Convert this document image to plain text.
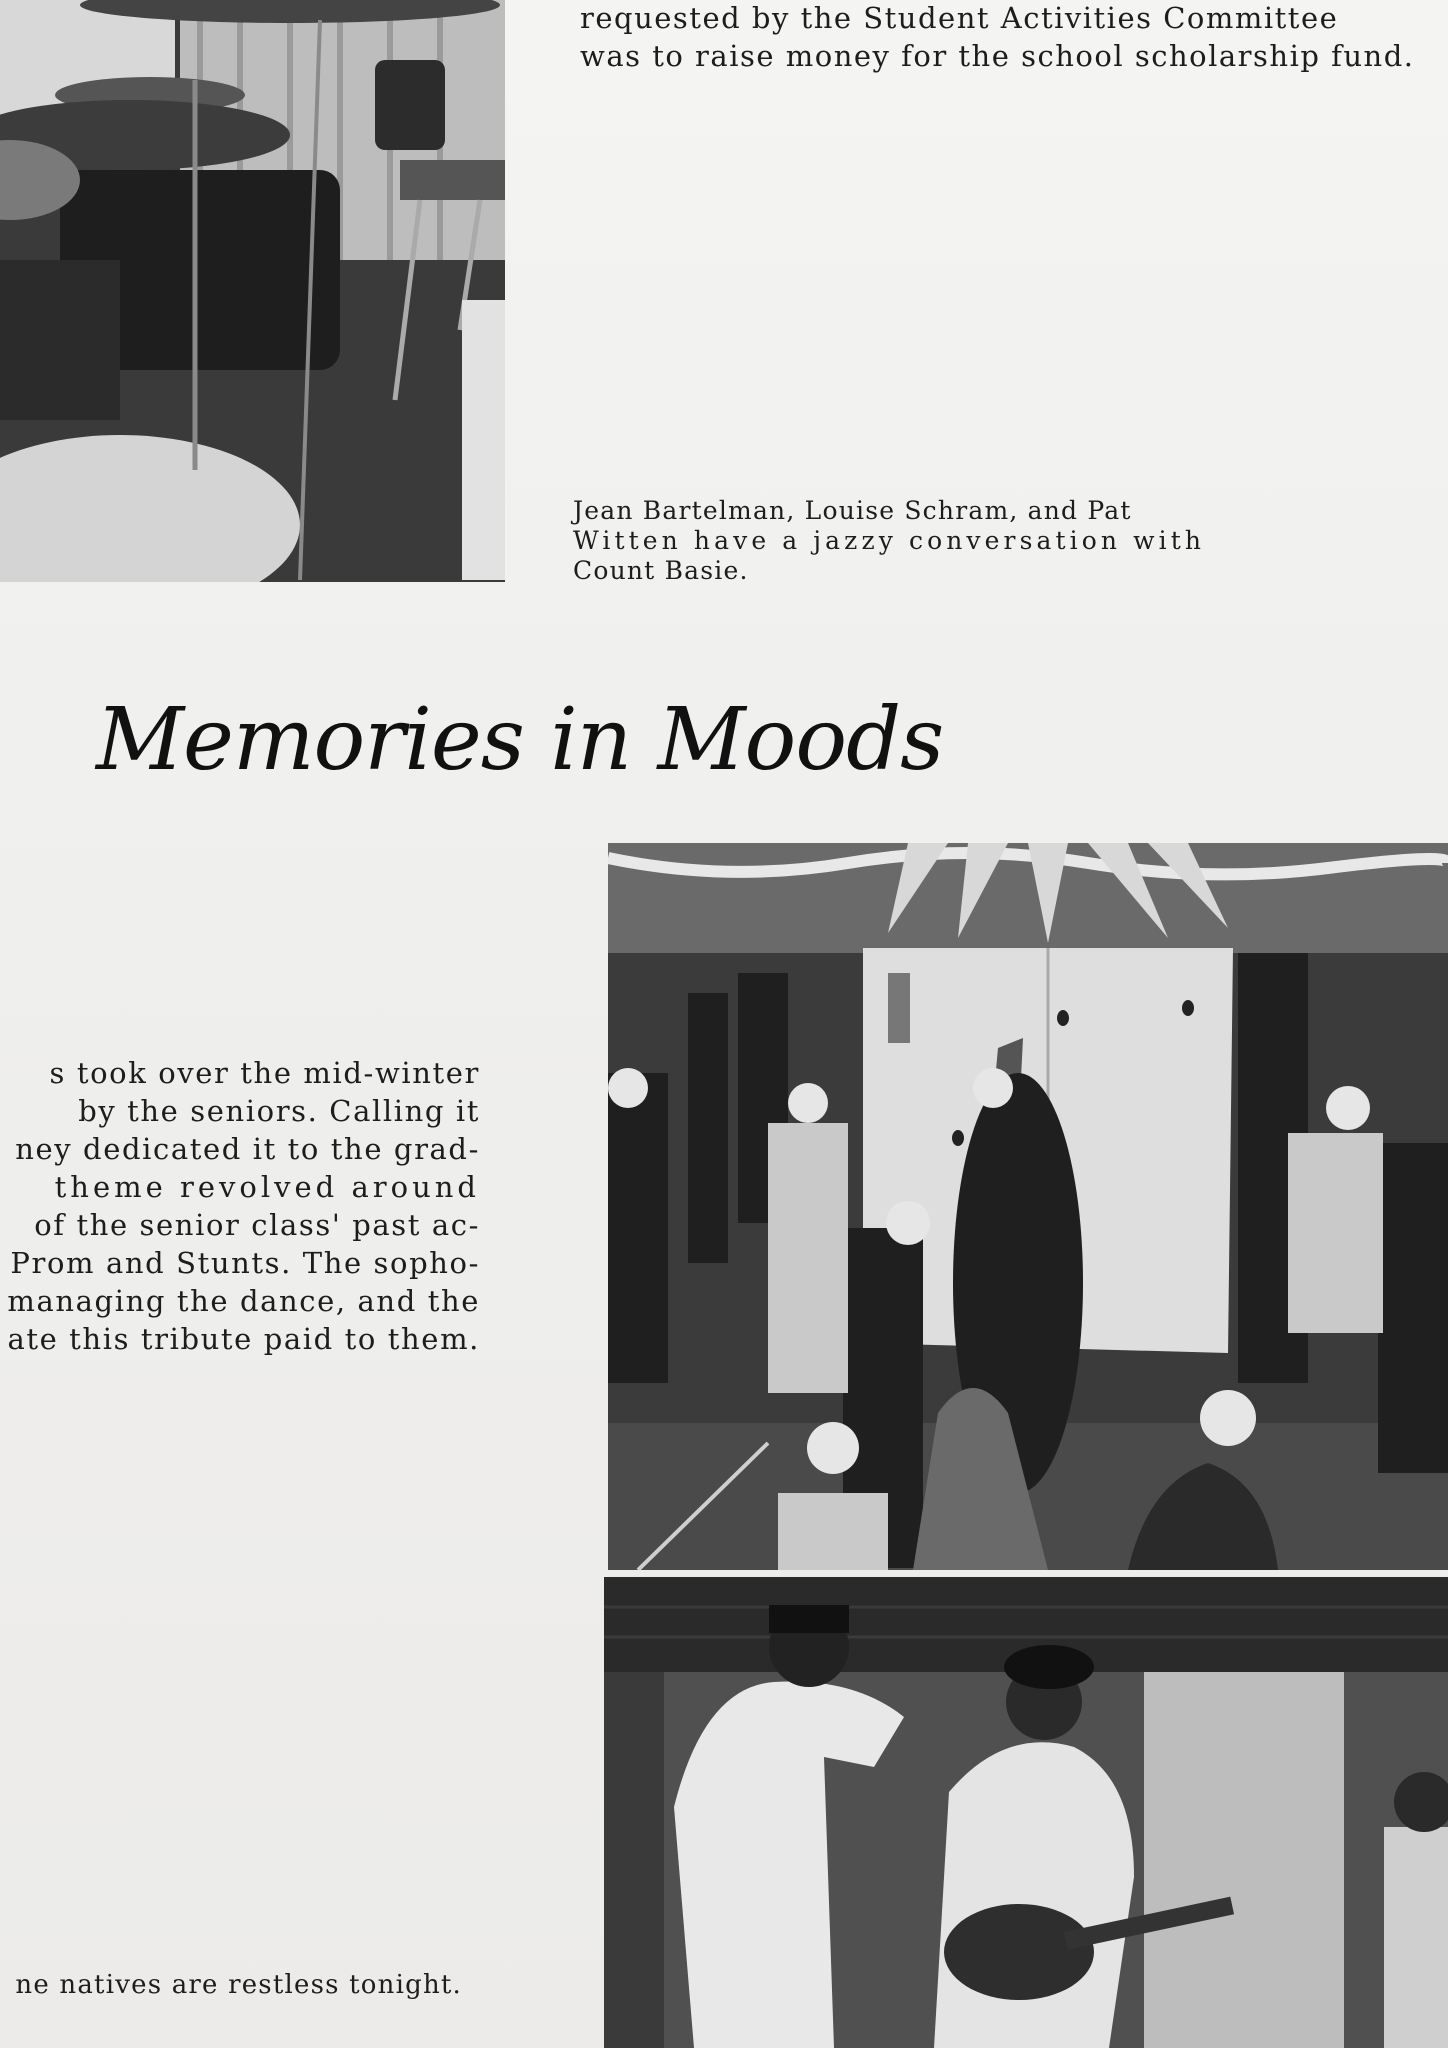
requested by the Student Activities Committee
was to raise money for the school scholarship fund.
Jean Bartelman, Louise Schram, and Pat
Witten have a jazzy conversation with
Count Basie.
Memories in Moods
s took over the mid-winter
by the seniors. Calling it
ney dedicated it to the grad-
theme revolved around
of the senior class' past ac-
Prom and Stunts. The sopho-
managing the dance, and the
ate this tribute paid to them.
ne natives are restless tonight.
